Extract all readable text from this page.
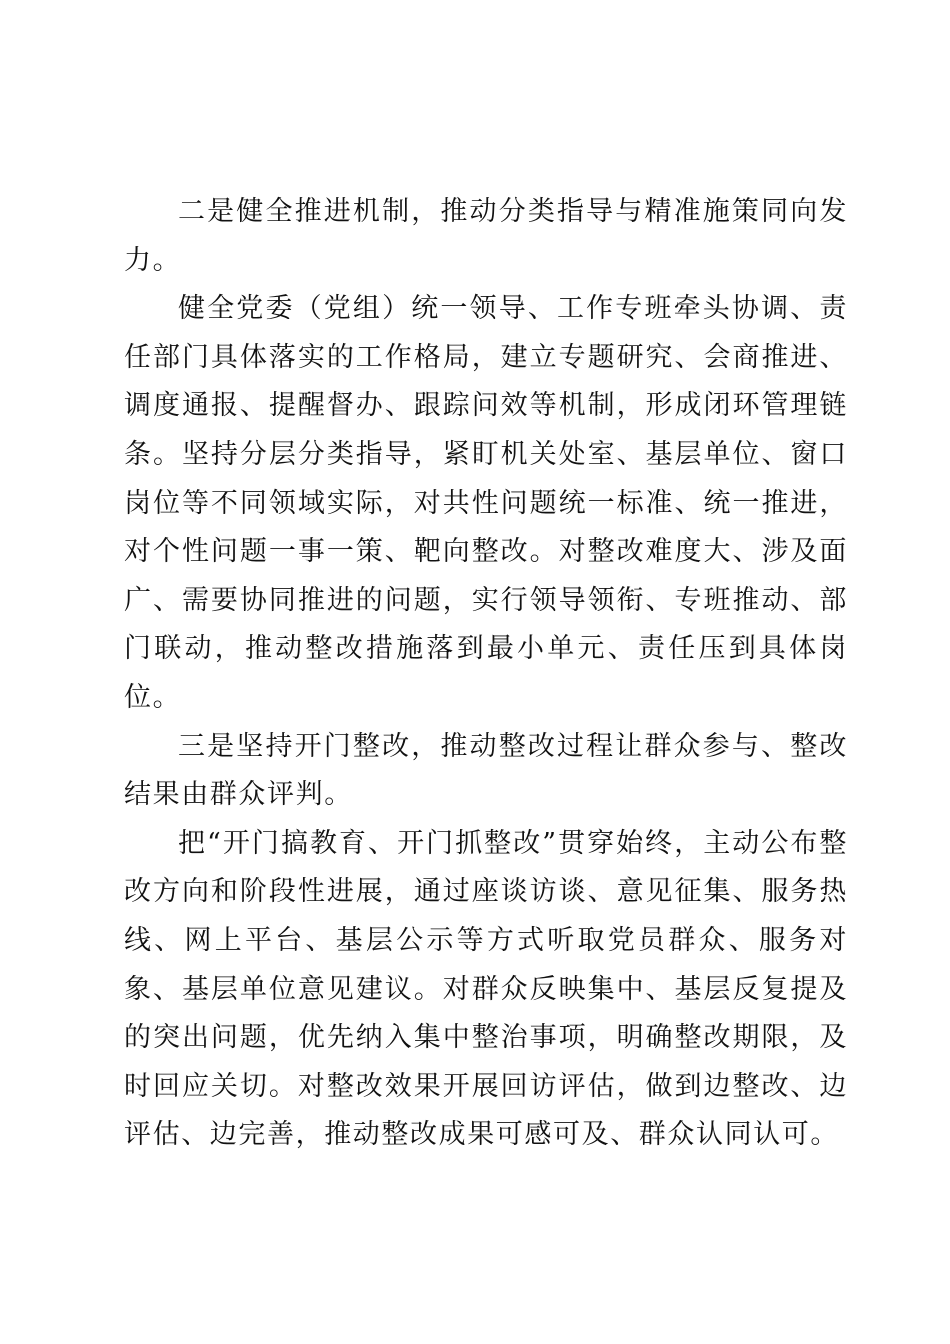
二是健全推进机制，推动分类指导与精准施策同向发力。

健全党委（党组）统一领导、工作专班牵头协调、责任部门具体落实的工作格局，建立专题研究、会商推进、调度通报、提醒督办、跟踪问效等机制，形成闭环管理链条。坚持分层分类指导，紧盯机关处室、基层单位、窗口岗位等不同领域实际，对共性问题统一标准、统一推进，对个性问题一事一策、靶向整改。对整改难度大、涉及面广、需要协同推进的问题，实行领导领衔、专班推动、部门联动，推动整改措施落到最小单元、责任压到具体岗位。

三是坚持开门整改，推动整改过程让群众参与、整改结果由群众评判。

把“开门搞教育、开门抓整改”贯穿始终，主动公布整改方向和阶段性进展，通过座谈访谈、意见征集、服务热线、网上平台、基层公示等方式听取党员群众、服务对象、基层单位意见建议。对群众反映集中、基层反复提及的突出问题，优先纳入集中整治事项，明确整改期限，及时回应关切。对整改效果开展回访评估，做到边整改、边评估、边完善，推动整改成果可感可及、群众认同认可。
